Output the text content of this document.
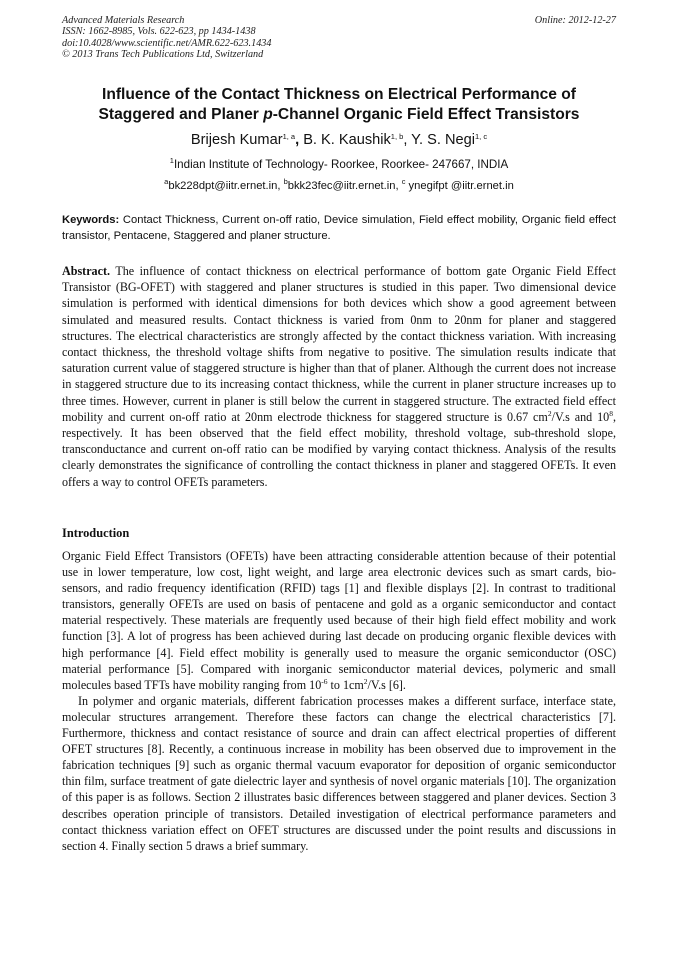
Advanced Materials Research
ISSN: 1662-8985, Vols. 622-623, pp 1434-1438
doi:10.4028/www.scientific.net/AMR.622-623.1434
© 2013 Trans Tech Publications Ltd, Switzerland
Online: 2012-12-27
Influence of the Contact Thickness on Electrical Performance of
Staggered and Planer p-Channel Organic Field Effect Transistors
Brijesh Kumar$^{1, a}$, B. K. Kaushik$^{1, b}$, Y. S. Negi$^{1, c}$
$^1$Indian Institute of Technology- Roorkee, Roorkee- 247667, INDIA
$^a$bk228dpt@iitr.ernet.in, $^b$bkk23fec@iitr.ernet.in, $^c$ ynegifpt @iitr.ernet.in
Keywords: Contact Thickness, Current on-off ratio, Device simulation, Field effect mobility, Organic field effect transistor, Pentacene, Staggered and planer structure.
Abstract. The influence of contact thickness on electrical performance of bottom gate Organic Field Effect Transistor (BG-OFET) with staggered and planer structures is studied in this paper. Two dimensional device simulation is performed with identical dimensions for both devices which show a good agreement between simulated and measured results. Contact thickness is varied from 0nm to 20nm for planer and staggered structures. The electrical characteristics are strongly affected by the contact thickness variation. With increasing contact thickness, the threshold voltage shifts from negative to positive. The simulation results indicate that saturation current value of staggered structure is higher than that of planer. Although the current does not increase in staggered structure due to its increasing contact thickness, while the current in planer structure increases up to three times. However, current in planer is still below the current in staggered structure. The extracted field effect mobility and current on-off ratio at 20nm electrode thickness for staggered structure is 0.67 $cm^2/V.s$ and $10^8$, respectively. It has been observed that the field effect mobility, threshold voltage, sub-threshold slope, transconductance and current on-off ratio can be modified by varying contact thickness. Analysis of the results clearly demonstrates the significance of controlling the contact thickness in planer and staggered OFETs. It even offers a way to control OFETs parameters.
Introduction

Organic Field Effect Transistors (OFETs) have been attracting considerable attention because of their potential use in lower temperature, low cost, light weight, and large area electronic devices such as smart cards, bio-sensors, and radio frequency identification (RFID) tags [1] and flexible displays [2]. In contrast to traditional transistors, generally OFETs are used on basis of pentacene and gold as a organic semiconductor and contact material respectively. These materials are frequently used because of their high field effect mobility and work function [3]. A lot of progress has been achieved during last decade on producing organic flexible devices with high performance [4]. Field effect mobility is generally used to measure the organic semiconductor (OSC) material performance [5]. Compared with inorganic semiconductor material devices, polymeric and small molecules based TFTs have mobility ranging from $10^{-6}$ to $1cm^2/V.s$ [6].

In polymer and organic materials, different fabrication processes makes a different surface, interface state, molecular structures arrangement. Therefore these factors can change the electrical characteristics [7]. Furthermore, thickness and contact resistance of source and drain can affect electrical properties of different OFET structures [8]. Recently, a continuous increase in mobility has been observed due to improvement in the fabrication techniques [9] such as organic thermal vacuum evaporator for deposition of organic semiconductor thin film, surface treatment of gate dielectric layer and synthesis of novel organic materials [10]. The organization of this paper is as follows. Section 2 illustrates basic differences between staggered and planer devices. Section 3 describes operation principle of transistors. Detailed investigation of electrical performance parameters and contact thickness variation effect on OFET structures are discussed under the point results and discussions in section 4. Finally section 5 draws a brief summary.
